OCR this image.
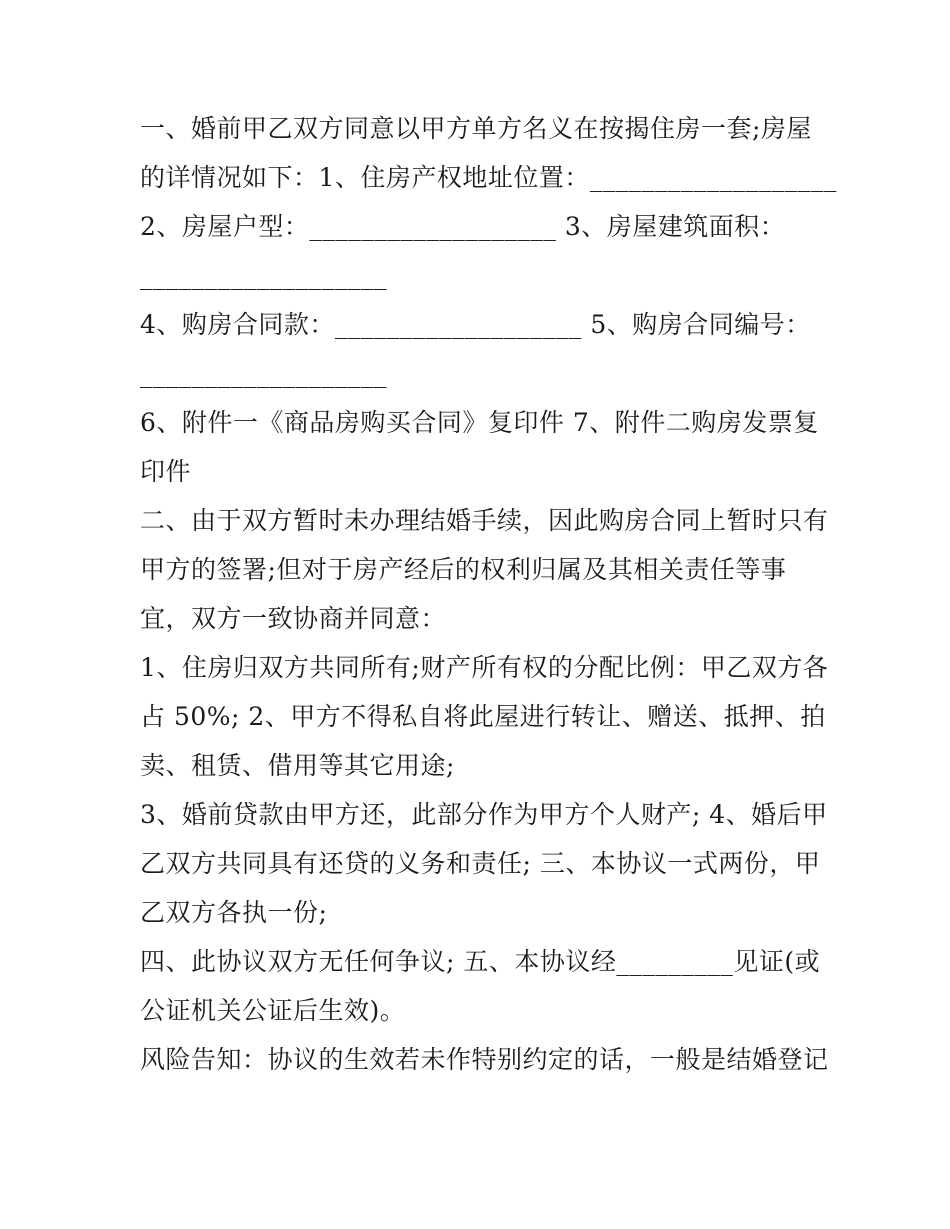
一、婚前甲乙双方同意以甲方单方名义在按揭住房一套;房屋
的详情况如下：1、住房产权地址位置：___________________
2、房屋户型：___________________ 3、房屋建筑面积：
___________________
4、购房合同款：___________________ 5、购房合同编号：
___________________
6、附件一《商品房购买合同》复印件 7、附件二购房发票复
印件
二、由于双方暂时未办理结婚手续，因此购房合同上暂时只有
甲方的签署;但对于房产经后的权利归属及其相关责任等事
宜，双方一致协商并同意：
1、住房归双方共同所有;财产所有权的分配比例：甲乙双方各
占 50%; 2、甲方不得私自将此屋进行转让、赠送、抵押、拍
卖、租赁、借用等其它用途;
3、婚前贷款由甲方还，此部分作为甲方个人财产; 4、婚后甲
乙双方共同具有还贷的义务和责任; 三、本协议一式两份，甲
乙双方各执一份;
四、此协议双方无任何争议; 五、本协议经_________见证(或
公证机关公证后生效)。
风险告知：协议的生效若未作特别约定的话，一般是结婚登记
